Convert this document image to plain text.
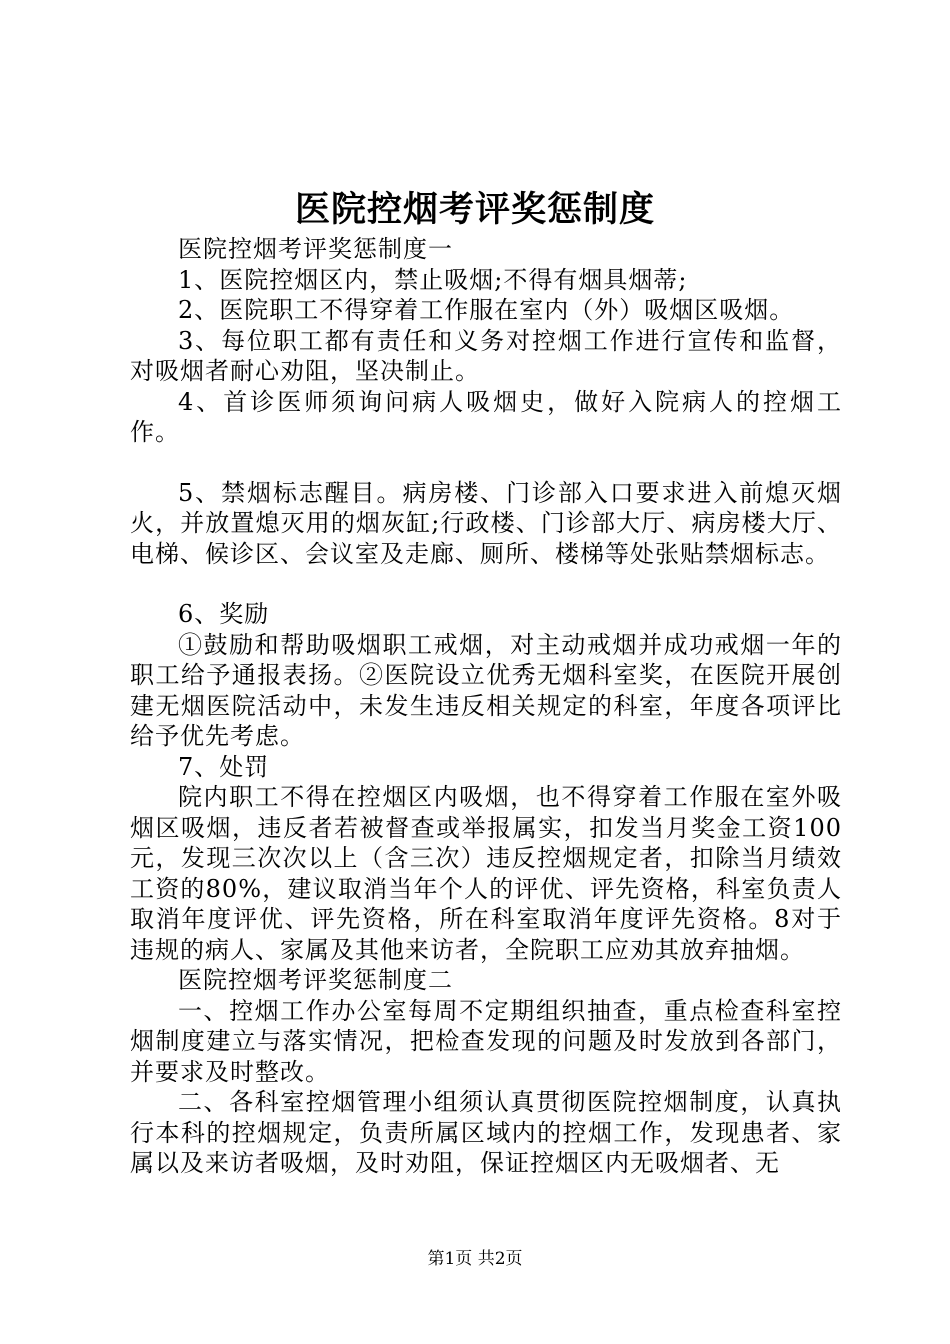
医院控烟考评奖惩制度

医院控烟考评奖惩制度一

1、医院控烟区内，禁止吸烟;不得有烟具烟蒂;

2、医院职工不得穿着工作服在室内（外）吸烟区吸烟。

3、每位职工都有责任和义务对控烟工作进行宣传和监督，对吸烟者耐心劝阻，坚决制止。

4、首诊医师须询问病人吸烟史，做好入院病人的控烟工作。

5、禁烟标志醒目。病房楼、门诊部入口要求进入前熄灭烟火，并放置熄灭用的烟灰缸;行政楼、门诊部大厅、病房楼大厅、电梯、候诊区、会议室及走廊、厕所、楼梯等处张贴禁烟标志。

6、奖励

①鼓励和帮助吸烟职工戒烟，对主动戒烟并成功戒烟一年的职工给予通报表扬。②医院设立优秀无烟科室奖，在医院开展创建无烟医院活动中，未发生违反相关规定的科室，年度各项评比给予优先考虑。

7、处罚

院内职工不得在控烟区内吸烟，也不得穿着工作服在室外吸烟区吸烟，违反者若被督查或举报属实，扣发当月奖金工资100元，发现三次次以上（含三次）违反控烟规定者，扣除当月绩效工资的80%，建议取消当年个人的评优、评先资格，科室负责人取消年度评优、评先资格，所在科室取消年度评先资格。8对于违规的病人、家属及其他来访者，全院职工应劝其放弃抽烟。

医院控烟考评奖惩制度二

一、控烟工作办公室每周不定期组织抽查，重点检查科室控烟制度建立与落实情况，把检查发现的问题及时发放到各部门，并要求及时整改。

二、各科室控烟管理小组须认真贯彻医院控烟制度，认真执行本科的控烟规定，负责所属区域内的控烟工作，发现患者、家属以及来访者吸烟，及时劝阻，保证控烟区内无吸烟者、无

第1页 共2页
